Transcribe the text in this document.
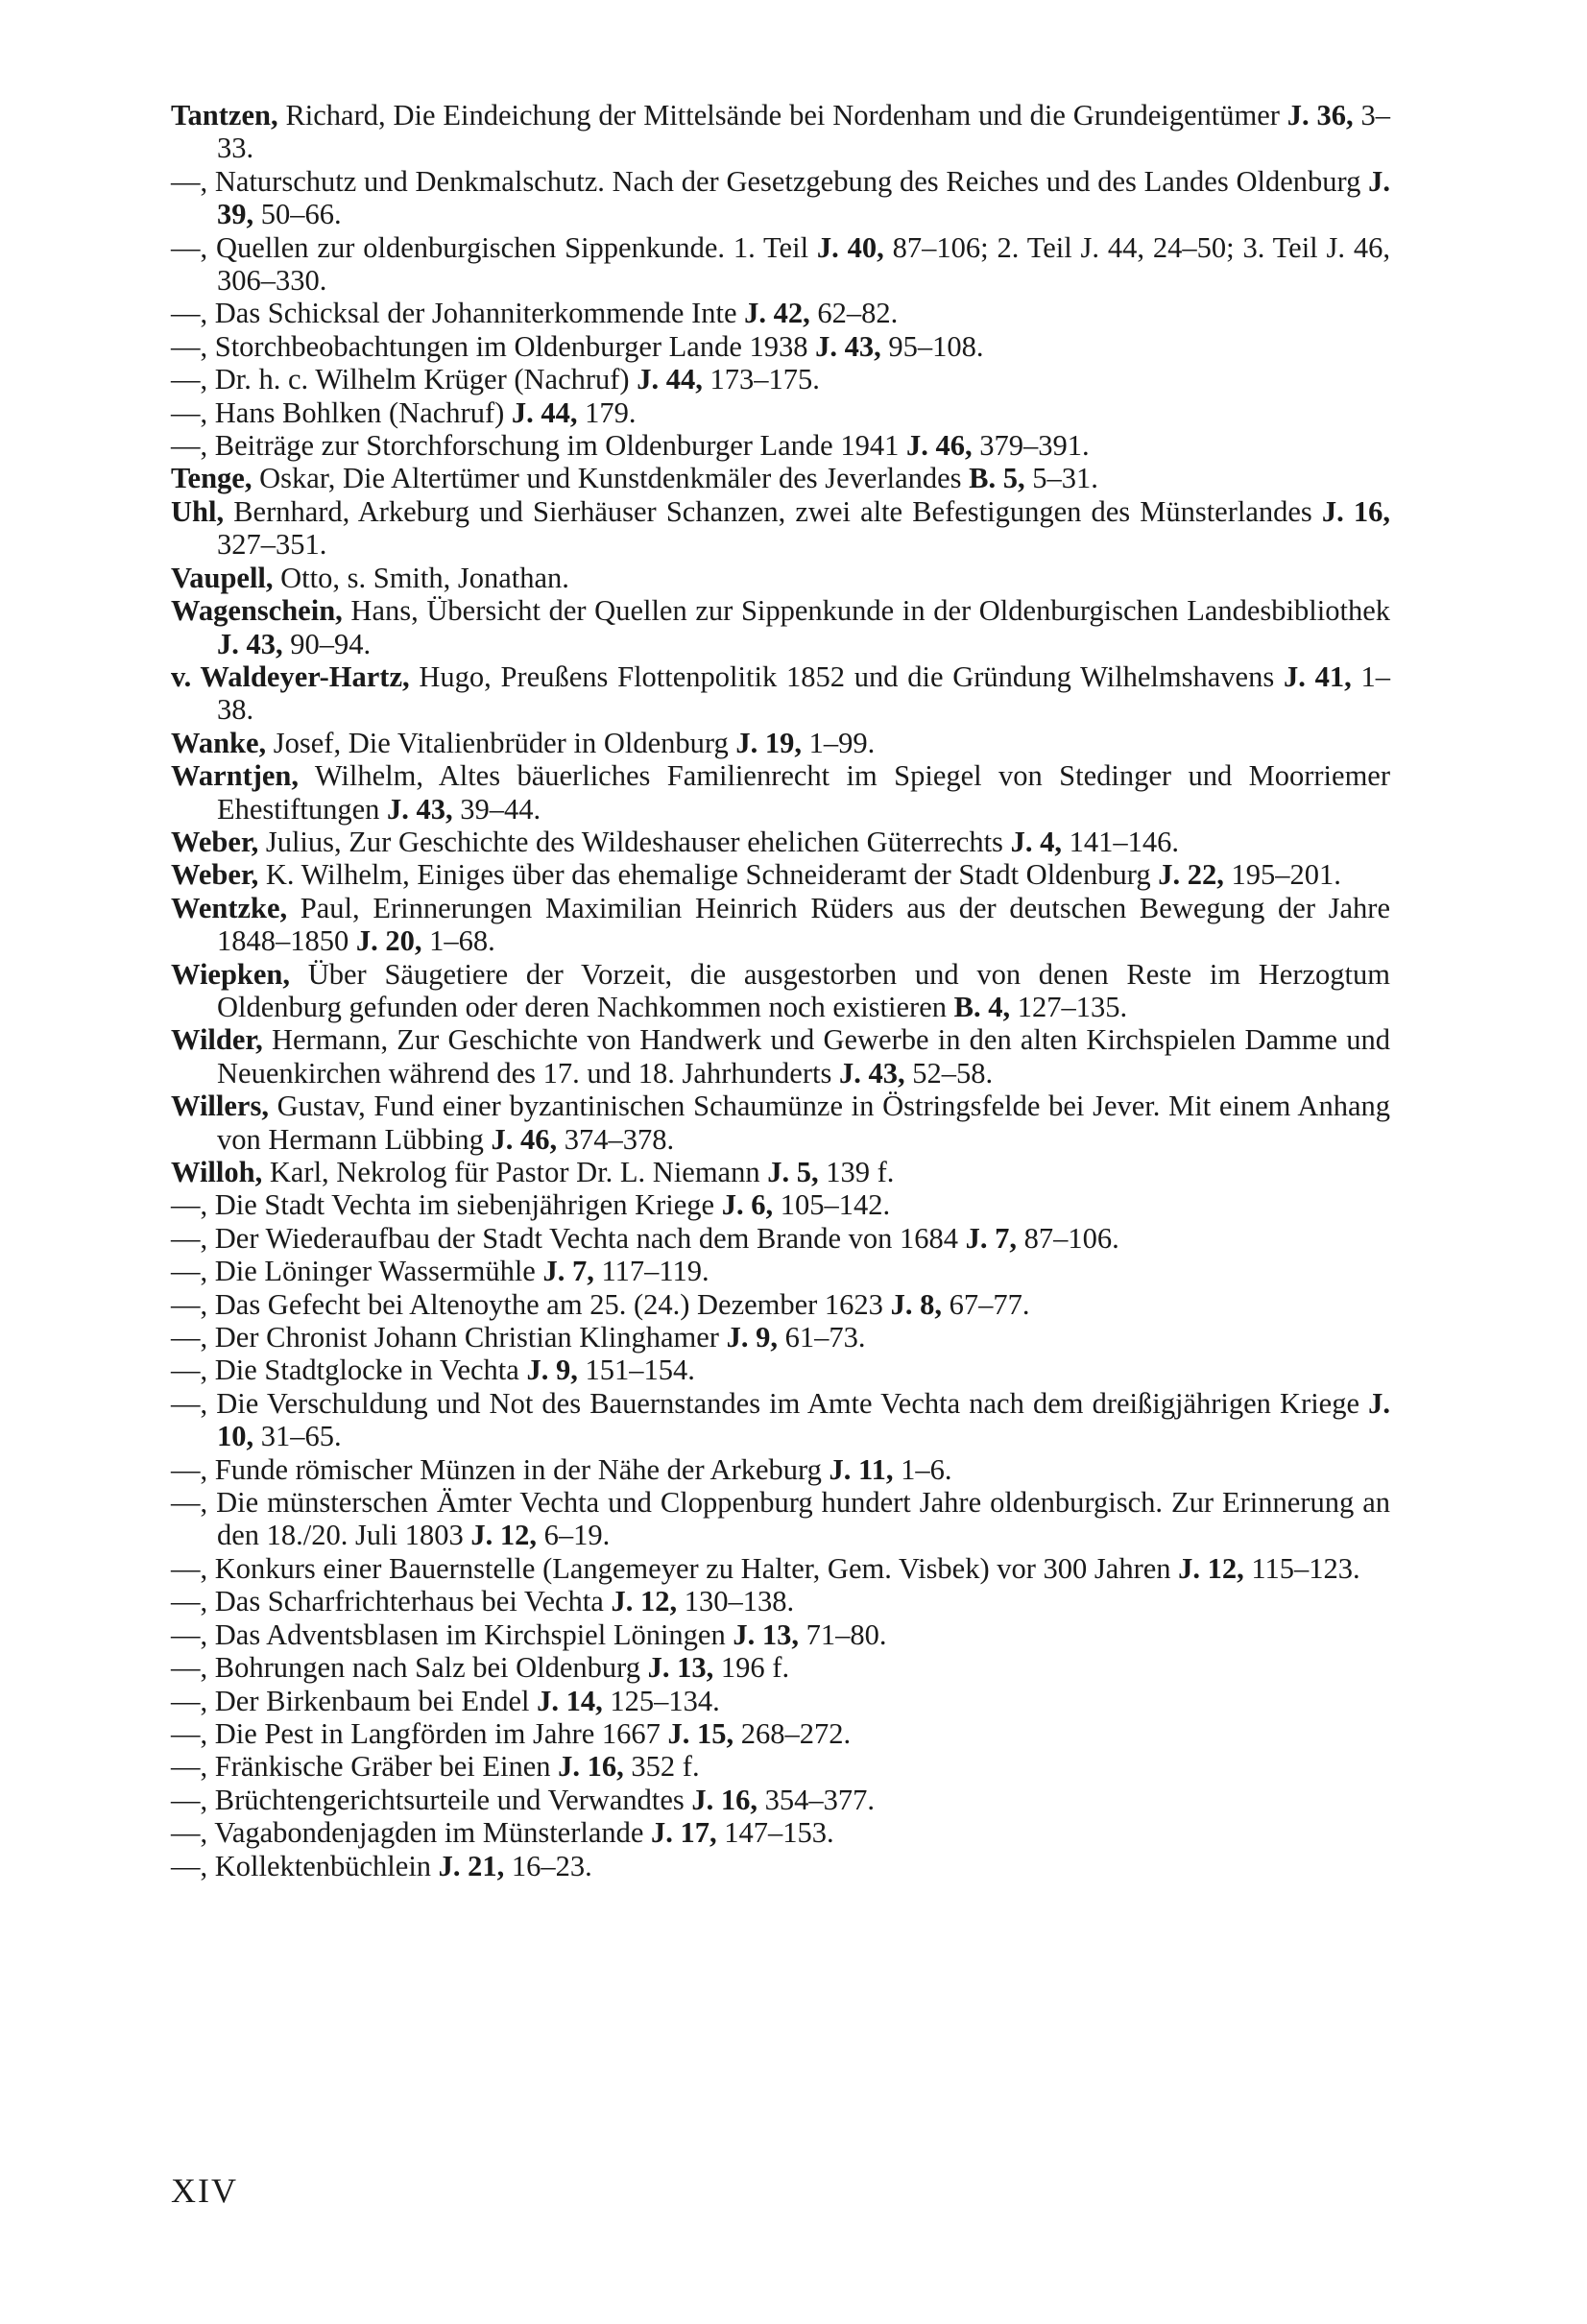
Tantzen, Richard, Die Eindeichung der Mittelsände bei Nordenham und die Grundeigentümer J. 36, 3–33.
—, Naturschutz und Denkmalschutz. Nach der Gesetzgebung des Reiches und des Landes Oldenburg J. 39, 50–66.
—, Quellen zur oldenburgischen Sippenkunde. 1. Teil J. 40, 87–106; 2. Teil J. 44, 24–50; 3. Teil J. 46, 306–330.
—, Das Schicksal der Johanniterkommende Inte J. 42, 62–82.
—, Storchbeobachtungen im Oldenburger Lande 1938 J. 43, 95–108.
—, Dr. h. c. Wilhelm Krüger (Nachruf) J. 44, 173–175.
—, Hans Bohlken (Nachruf) J. 44, 179.
—, Beiträge zur Storchforschung im Oldenburger Lande 1941 J. 46, 379–391.
Tenge, Oskar, Die Altertümer und Kunstdenkmäler des Jeverlandes B. 5, 5–31.
Uhl, Bernhard, Arkeburg und Sierhäuser Schanzen, zwei alte Befestigungen des Münsterlandes J. 16, 327–351.
Vaupell, Otto, s. Smith, Jonathan.
Wagenschein, Hans, Übersicht der Quellen zur Sippenkunde in der Oldenburgischen Landesbibliothek J. 43, 90–94.
v. Waldeyer-Hartz, Hugo, Preußens Flottenpolitik 1852 und die Gründung Wilhelmshavens J. 41, 1–38.
Wanke, Josef, Die Vitalienbrüder in Oldenburg J. 19, 1–99.
Warntjen, Wilhelm, Altes bäuerliches Familienrecht im Spiegel von Stedinger und Moorriemer Ehestiftungen J. 43, 39–44.
Weber, Julius, Zur Geschichte des Wildeshauser ehelichen Güterrechts J. 4, 141–146.
Weber, K. Wilhelm, Einiges über das ehemalige Schneideramt der Stadt Oldenburg J. 22, 195–201.
Wentzke, Paul, Erinnerungen Maximilian Heinrich Rüders aus der deutschen Bewegung der Jahre 1848–1850 J. 20, 1–68.
Wiepken, Über Säugetiere der Vorzeit, die ausgestorben und von denen Reste im Herzogtum Oldenburg gefunden oder deren Nachkommen noch existieren B. 4, 127–135.
Wilder, Hermann, Zur Geschichte von Handwerk und Gewerbe in den alten Kirchspielen Damme und Neuenkirchen während des 17. und 18. Jahrhunderts J. 43, 52–58.
Willers, Gustav, Fund einer byzantinischen Schaumünze in Östringsfelde bei Jever. Mit einem Anhang von Hermann Lübbing J. 46, 374–378.
Willoh, Karl, Nekrolog für Pastor Dr. L. Niemann J. 5, 139 f.
—, Die Stadt Vechta im siebenjährigen Kriege J. 6, 105–142.
—, Der Wiederaufbau der Stadt Vechta nach dem Brande von 1684 J. 7, 87–106.
—, Die Löninger Wassermühle J. 7, 117–119.
—, Das Gefecht bei Altenoythe am 25. (24.) Dezember 1623 J. 8, 67–77.
—, Der Chronist Johann Christian Klinghamer J. 9, 61–73.
—, Die Stadtglocke in Vechta J. 9, 151–154.
—, Die Verschuldung und Not des Bauernstandes im Amte Vechta nach dem dreißigjährigen Kriege J. 10, 31–65.
—, Funde römischer Münzen in der Nähe der Arkeburg J. 11, 1–6.
—, Die münsterschen Ämter Vechta und Cloppenburg hundert Jahre oldenburgisch. Zur Erinnerung an den 18./20. Juli 1803 J. 12, 6–19.
—, Konkurs einer Bauernstelle (Langemeyer zu Halter, Gem. Visbek) vor 300 Jahren J. 12, 115–123.
—, Das Scharfrichterhaus bei Vechta J. 12, 130–138.
—, Das Adventsblasen im Kirchspiel Löningen J. 13, 71–80.
—, Bohrungen nach Salz bei Oldenburg J. 13, 196 f.
—, Der Birkenbaum bei Endel J. 14, 125–134.
—, Die Pest in Langförden im Jahre 1667 J. 15, 268–272.
—, Fränkische Gräber bei Einen J. 16, 352 f.
—, Brüchtengerichtsurteile und Verwandtes J. 16, 354–377.
—, Vagabondenjagden im Münsterlande J. 17, 147–153.
—, Kollektenbüchlein J. 21, 16–23.
XIV
